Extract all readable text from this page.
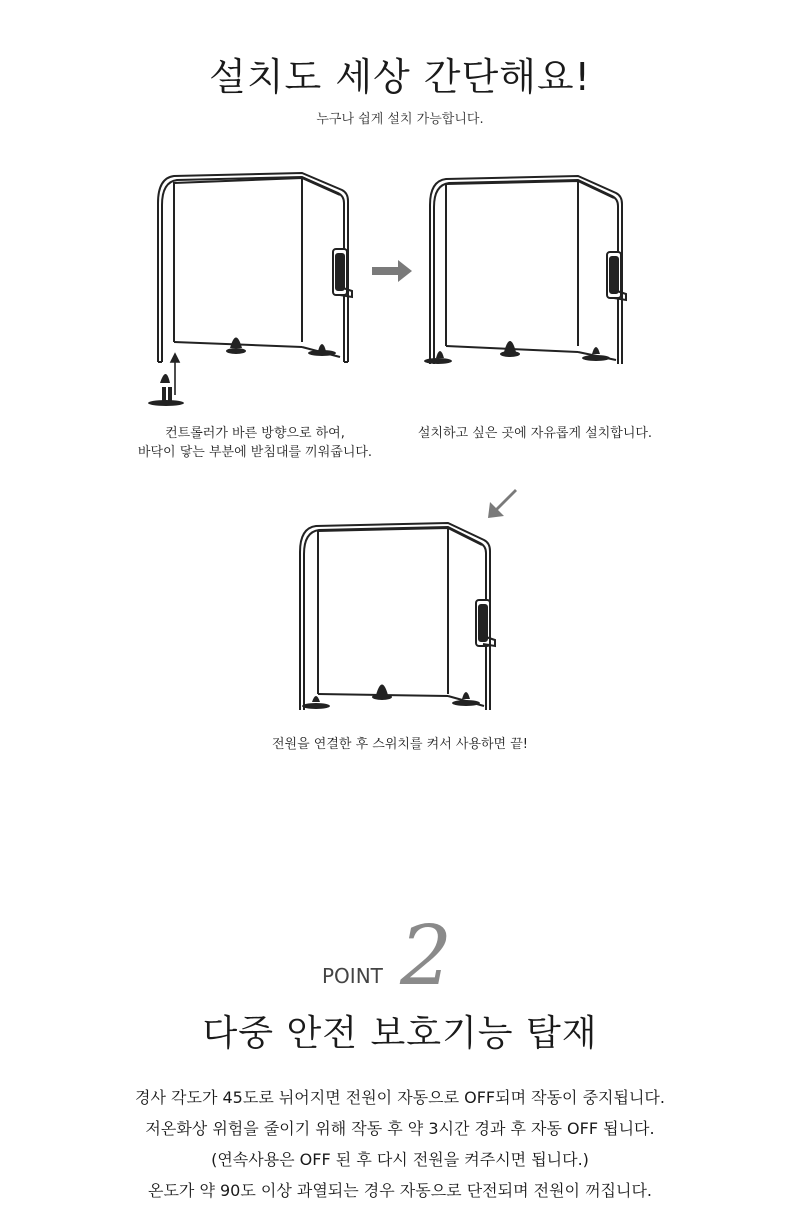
설치도 세상 간단해요!
누구나 쉽게 설치 가능합니다.
컨트롤러가 바른 방향으로 하여,
바닥이 닿는 부분에 받침대를 끼워줍니다.
설치하고 싶은 곳에 자유롭게 설치합니다.
전원을 연결한 후 스위치를 켜서 사용하면 끝!
POINT 2
다중 안전 보호기능 탑재
경사 각도가 45도로 뉘어지면 전원이 자동으로 OFF되며 작동이 중지됩니다.
저온화상 위험을 줄이기 위해 작동 후 약 3시간 경과 후 자동 OFF 됩니다.
(연속사용은 OFF 된 후 다시 전원을 켜주시면 됩니다.)
온도가 약 90도 이상 과열되는 경우 자동으로 단전되며 전원이 꺼집니다.
